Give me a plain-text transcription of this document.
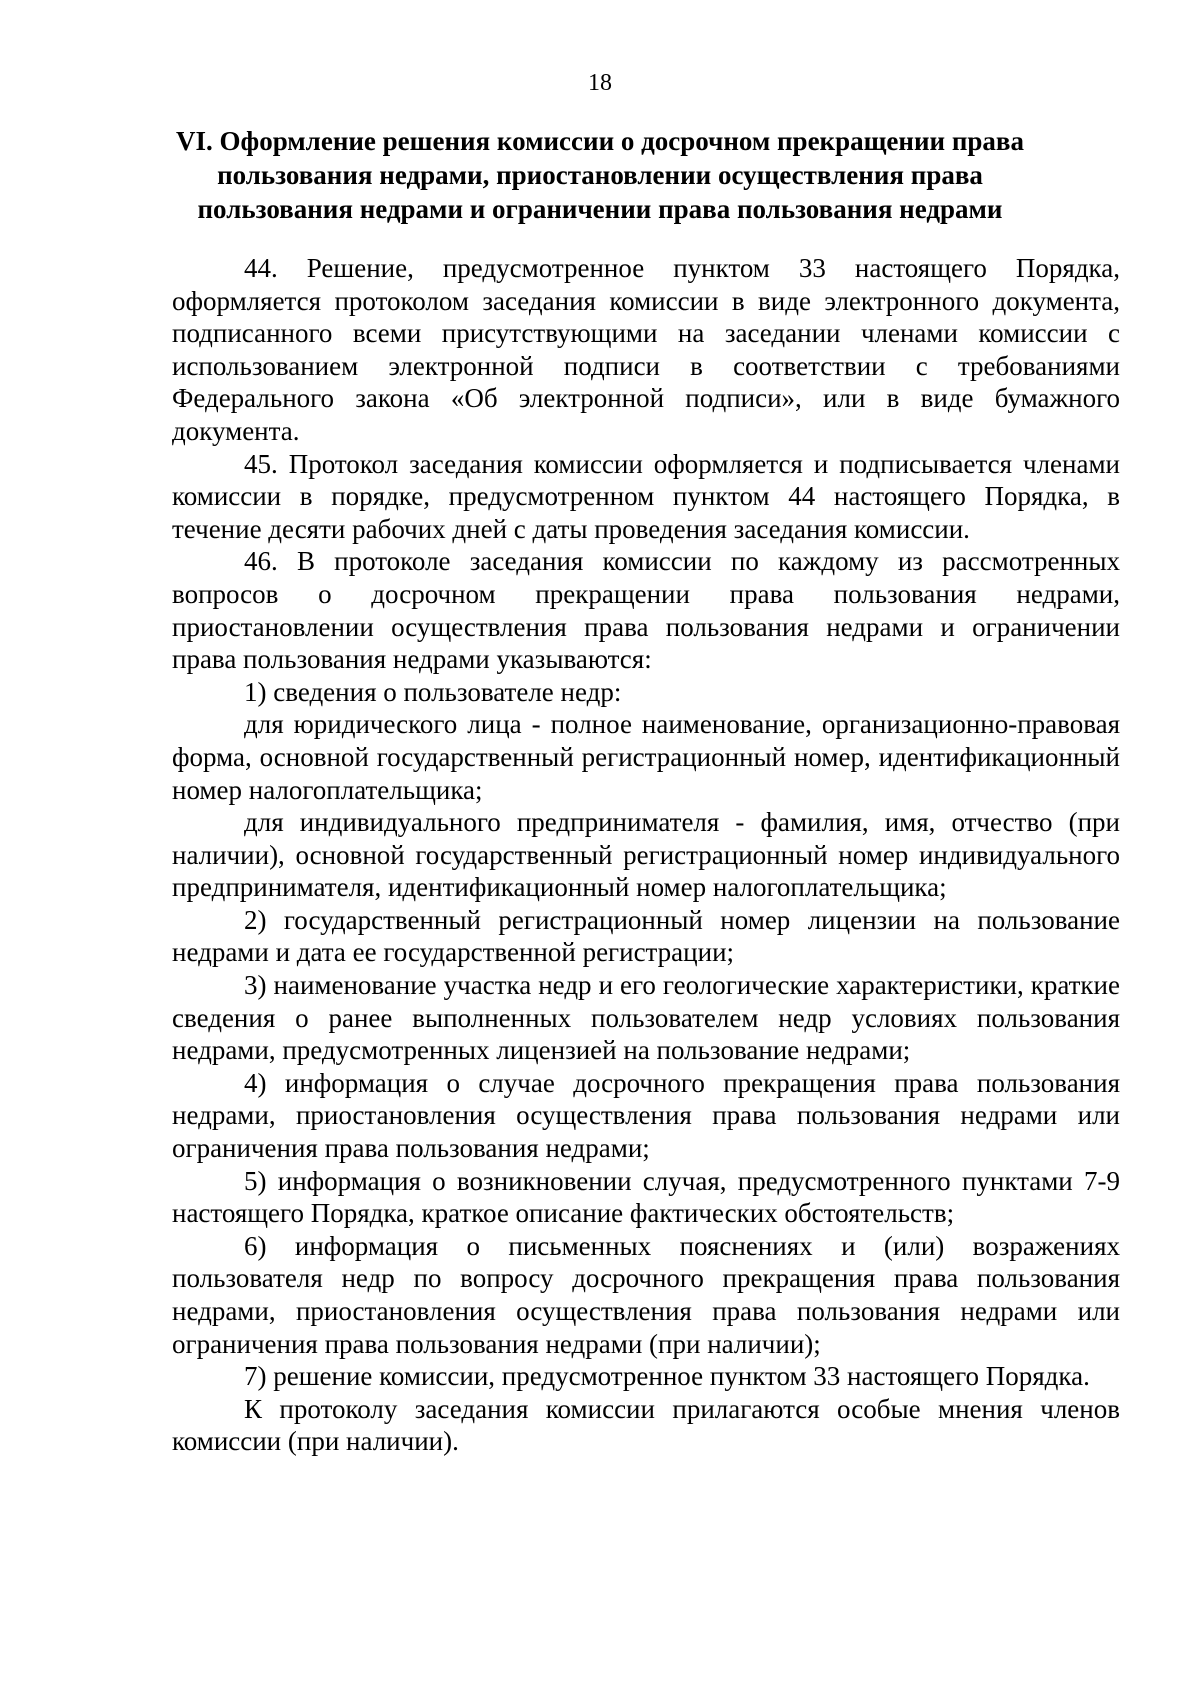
18
VI. Оформление решения комиссии о досрочном прекращении права
пользования недрами, приостановлении осуществления права
пользования недрами и ограничении права пользования недрами

44. Решение, предусмотренное пунктом 33 настоящего Порядка, оформляется протоколом заседания комиссии в виде электронного документа, подписанного всеми присутствующими на заседании членами комиссии с использованием электронной подписи в соответствии с требованиями Федерального закона «Об электронной подписи», или в виде бумажного документа.

45. Протокол заседания комиссии оформляется и подписывается членами комиссии в порядке, предусмотренном пунктом 44 настоящего Порядка, в течение десяти рабочих дней с даты проведения заседания комиссии.

46. В протоколе заседания комиссии по каждому из рассмотренных вопросов о досрочном прекращении права пользования недрами, приостановлении осуществления права пользования недрами и ограничении права пользования недрами указываются:

1) сведения о пользователе недр:

для юридического лица - полное наименование, организационно-правовая форма, основной государственный регистрационный номер, идентификационный номер налогоплательщика;

для индивидуального предпринимателя - фамилия, имя, отчество (при наличии), основной государственный регистрационный номер индивидуального предпринимателя, идентификационный номер налогоплательщика;

2) государственный регистрационный номер лицензии на пользование недрами и дата ее государственной регистрации;

3) наименование участка недр и его геологические характеристики, краткие сведения о ранее выполненных пользователем недр условиях пользования недрами, предусмотренных лицензией на пользование недрами;

4) информация о случае досрочного прекращения права пользования недрами, приостановления осуществления права пользования недрами или ограничения права пользования недрами;

5) информация о возникновении случая, предусмотренного пунктами 7-9 настоящего Порядка, краткое описание фактических обстоятельств;

6) информация о письменных пояснениях и (или) возражениях пользователя недр по вопросу досрочного прекращения права пользования недрами, приостановления осуществления права пользования недрами или ограничения права пользования недрами (при наличии);

7) решение комиссии, предусмотренное пунктом 33 настоящего Порядка.

К протоколу заседания комиссии прилагаются особые мнения членов комиссии (при наличии).
